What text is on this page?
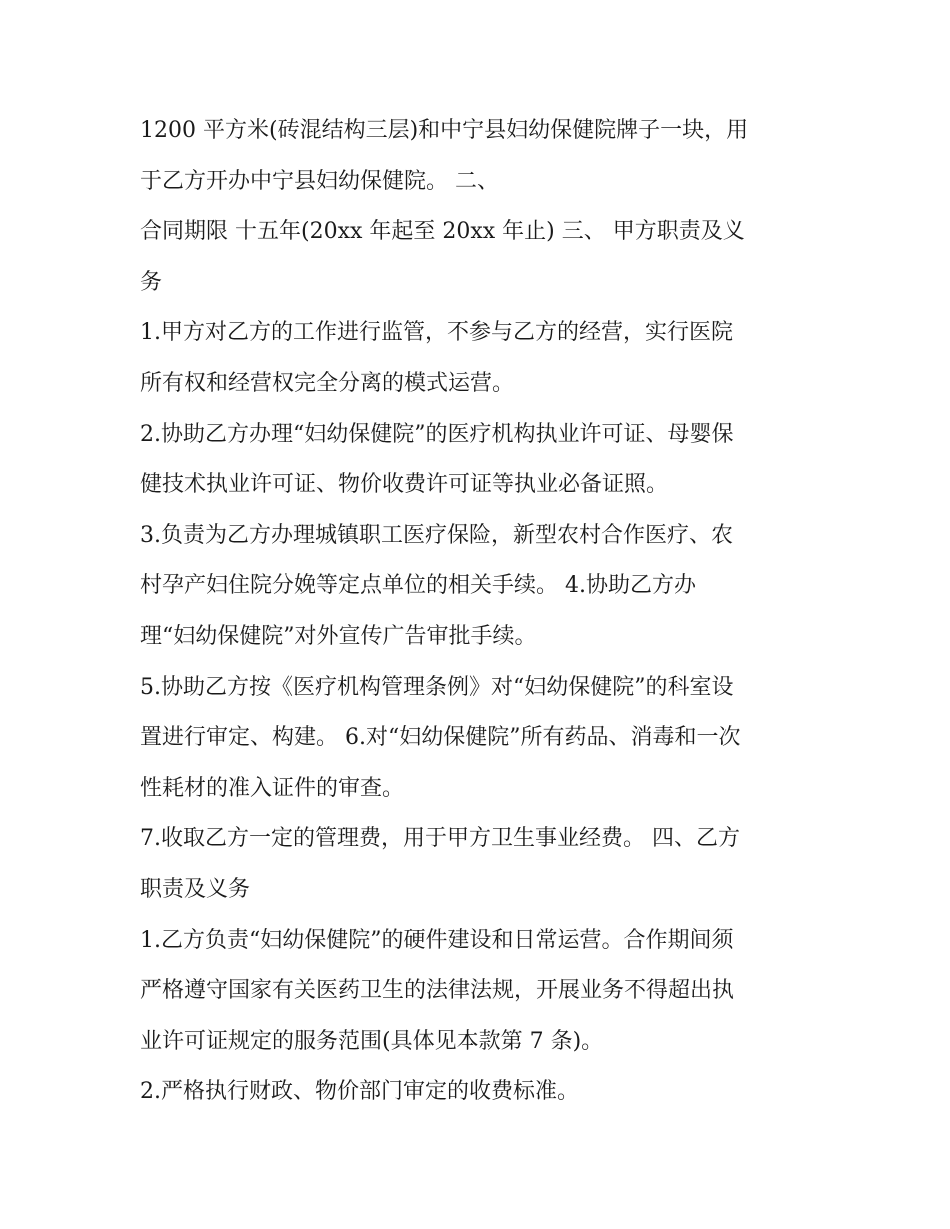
1200 平方米(砖混结构三层)和中宁县妇幼保健院牌子一块，用
于乙方开办中宁县妇幼保健院。 二、
合同期限 十五年(20xx 年起至 20xx 年止) 三、 甲方职责及义
务
1.甲方对乙方的工作进行监管，不参与乙方的经营，实行医院
所有权和经营权完全分离的模式运营。
2.协助乙方办理“妇幼保健院”的医疗机构执业许可证、母婴保
健技术执业许可证、物价收费许可证等执业必备证照。
3.负责为乙方办理城镇职工医疗保险，新型农村合作医疗、农
村孕产妇住院分娩等定点单位的相关手续。 4.协助乙方办
理“妇幼保健院”对外宣传广告审批手续。
5.协助乙方按《医疗机构管理条例》对“妇幼保健院”的科室设
置进行审定、构建。 6.对“妇幼保健院”所有药品、消毒和一次
性耗材的准入证件的审查。
7.收取乙方一定的管理费，用于甲方卫生事业经费。 四、乙方
职责及义务
1.乙方负责“妇幼保健院”的硬件建设和日常运营。合作期间须
严格遵守国家有关医药卫生的法律法规，开展业务不得超出执
业许可证规定的服务范围(具体见本款第 7 条)。
2.严格执行财政、物价部门审定的收费标准。
